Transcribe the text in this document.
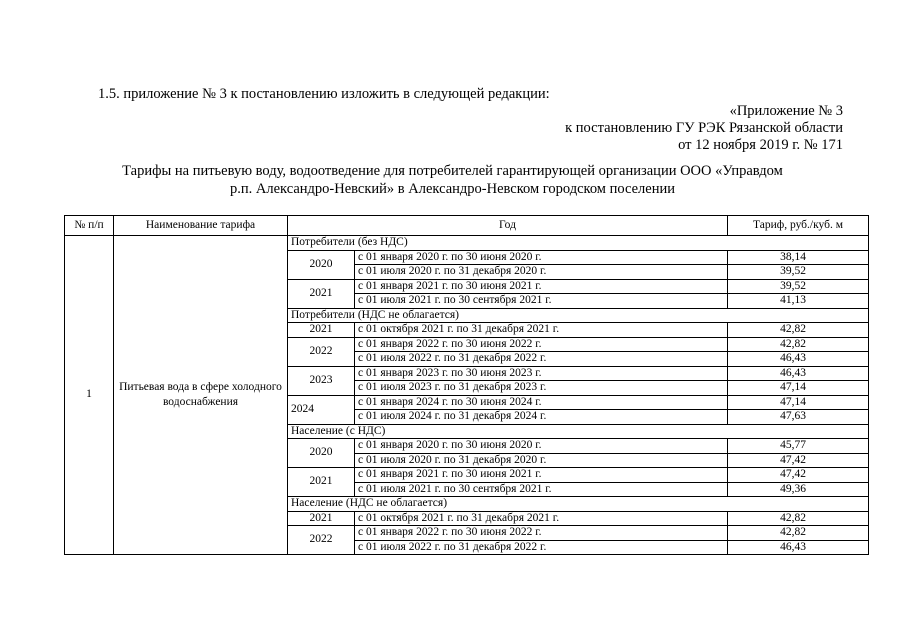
1.5. приложение № 3 к постановлению изложить в следующей редакции:
«Приложение № 3
к постановлению ГУ РЭК Рязанской области
от 12 ноября 2019 г. № 171
Тарифы на питьевую воду, водоотведение для потребителей гарантирующей организации ООО «Управдом
р.п. Александро-Невский» в Александро-Невском городском поселении
№ п/п	Наименование тарифа	Год		Тариф, руб./куб. м
1	Питьевая вода в сфере холодного водоснабжения	Потребители (без НДС)		
		2020	с 01 января 2020 г. по 30 июня 2020 г.	38,14
			с 01 июля 2020 г. по 31 декабря 2020 г.	39,52
		2021	с 01 января 2021 г. по 30 июня 2021 г.	39,52
			с 01 июля 2021 г. по 30 сентября 2021 г.	41,13
		Потребители (НДС не облагается)		
		2021	с 01 октября 2021 г. по 31 декабря 2021 г.	42,82
		2022	с 01 января 2022 г. по 30 июня 2022 г.	42,82
			с 01 июля 2022 г. по 31 декабря 2022 г.	46,43
		2023	с 01 января 2023 г. по 30 июня 2023 г.	46,43
			с 01 июля 2023 г. по 31 декабря 2023 г.	47,14
		2024	с 01 января 2024 г. по 30 июня 2024 г.	47,14
			с 01 июля 2024 г. по 31 декабря 2024 г.	47,63
		Население (с НДС)		
		2020	с 01 января 2020 г. по 30 июня 2020 г.	45,77
			с 01 июля 2020 г. по 31 декабря 2020 г.	47,42
		2021	с 01 января 2021 г. по 30 июня 2021 г.	47,42
			с 01 июля 2021 г. по 30 сентября 2021 г.	49,36
		Население (НДС не облагается)		
		2021	с 01 октября 2021 г. по 31 декабря 2021 г.	42,82
		2022	с 01 января 2022 г. по 30 июня 2022 г.	42,82
			с 01 июля 2022 г. по 31 декабря 2022 г.	46,43
